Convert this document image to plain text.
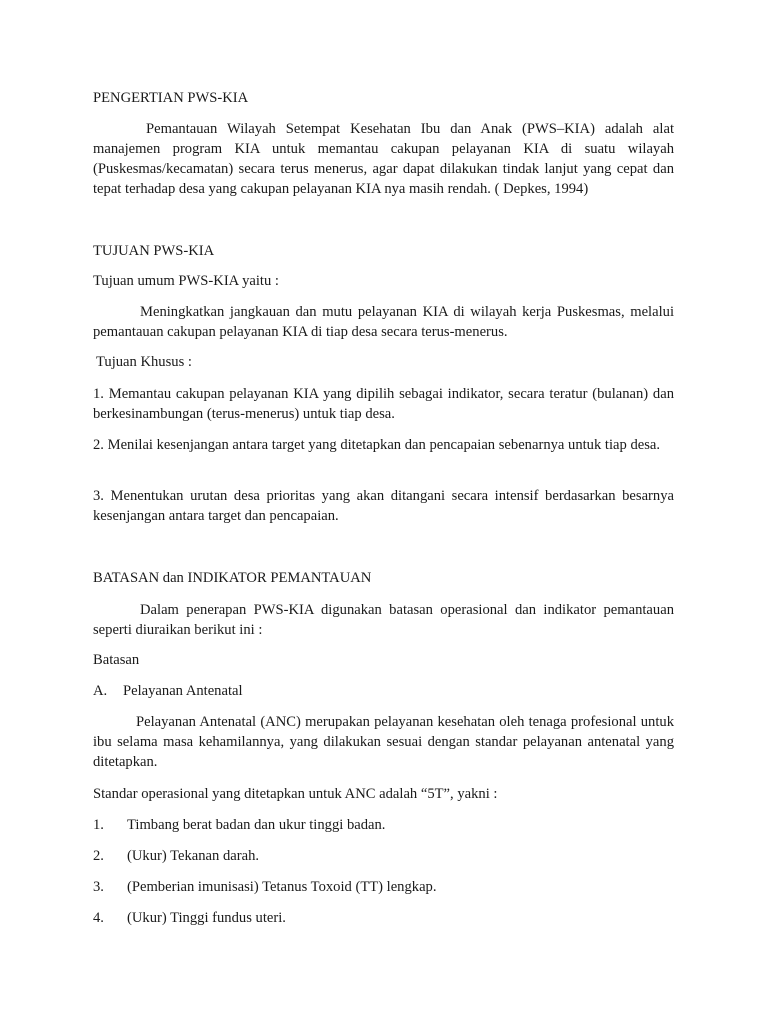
PENGERTIAN PWS-KIA

Pemantauan Wilayah Setempat Kesehatan Ibu dan Anak (PWS–KIA) adalah alat manajemen program KIA untuk memantau cakupan pelayanan KIA di suatu wilayah (Puskesmas/kecamatan) secara terus menerus, agar dapat dilakukan tindak lanjut yang cepat dan tepat terhadap desa yang cakupan pelayanan KIA nya masih rendah. ( Depkes, 1994)

TUJUAN PWS-KIA

Tujuan umum PWS-KIA yaitu :

Meningkatkan jangkauan dan mutu pelayanan KIA di wilayah kerja Puskesmas, melalui pemantauan cakupan pelayanan KIA di tiap desa secara terus-menerus.

Tujuan Khusus :

1. Memantau cakupan pelayanan KIA yang dipilih sebagai indikator, secara teratur (bulanan) dan berkesinambungan (terus-menerus) untuk tiap desa.

2. Menilai kesenjangan antara target yang ditetapkan dan pencapaian sebenarnya untuk tiap desa.

3. Menentukan urutan desa prioritas yang akan ditangani secara intensif berdasarkan besarnya kesenjangan antara target dan pencapaian.

BATASAN dan INDIKATOR PEMANTAUAN

Dalam penerapan PWS-KIA digunakan batasan operasional dan indikator pemantauan seperti diuraikan berikut ini :

Batasan

A. Pelayanan Antenatal

Pelayanan Antenatal (ANC) merupakan pelayanan kesehatan oleh tenaga profesional untuk ibu selama masa kehamilannya, yang dilakukan sesuai dengan standar pelayanan antenatal yang ditetapkan.

Standar operasional yang ditetapkan untuk ANC adalah “5T”, yakni :

1. Timbang berat badan dan ukur tinggi badan.
2. (Ukur) Tekanan darah.
3. (Pemberian imunisasi) Tetanus Toxoid (TT) lengkap.
4. (Ukur) Tinggi fundus uteri.
